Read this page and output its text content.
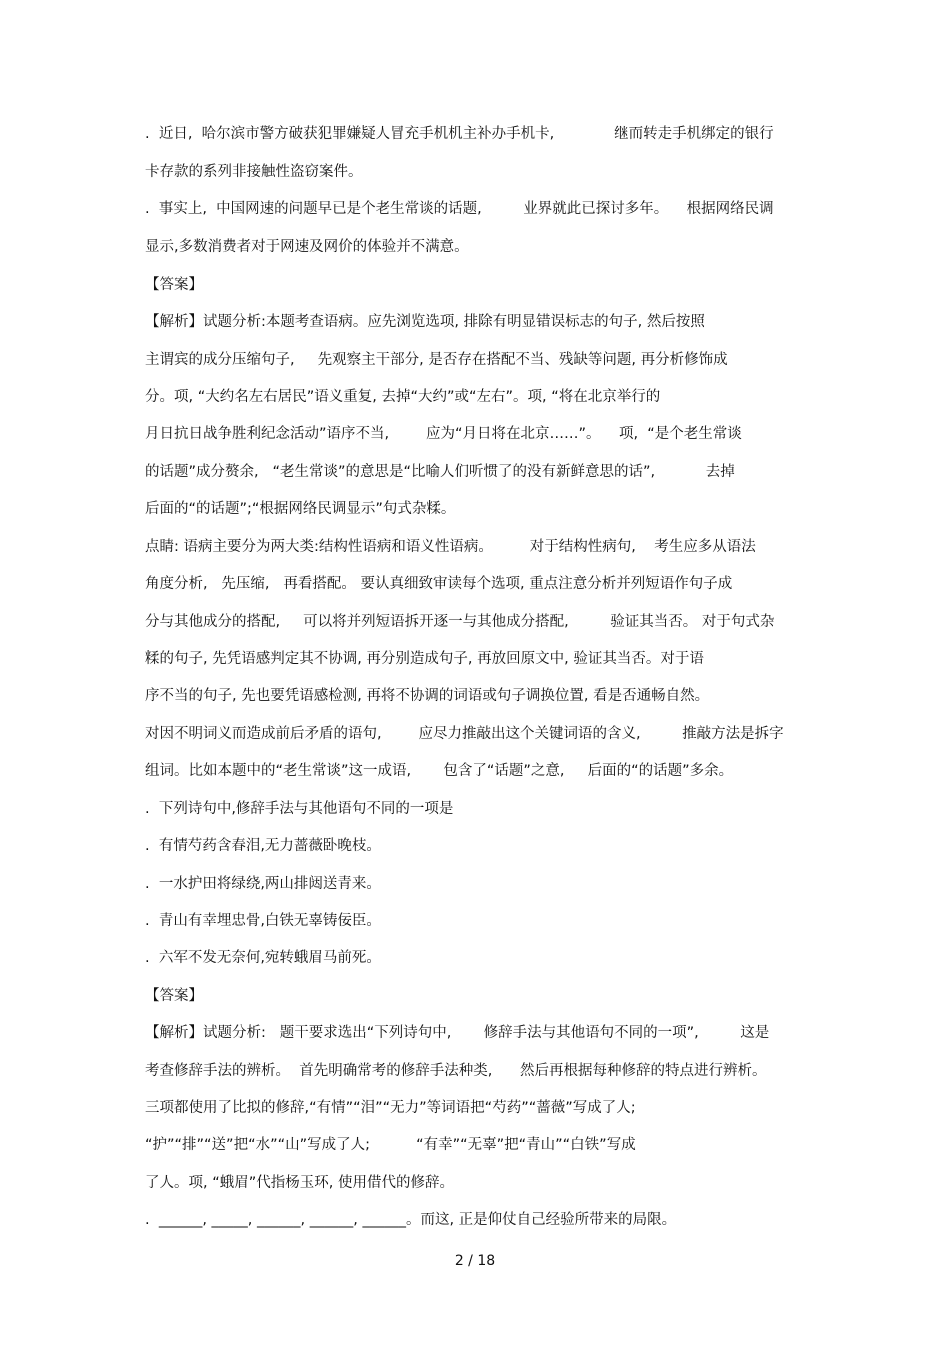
.  近日,  哈尔滨市警方破获犯罪嫌疑人冒充手机机主补办手机卡,             继而转走手机绑定的银行
卡存款的系列非接触性盗窃案件。
.  事实上,  中国网速的问题早已是个老生常谈的话题,         业界就此已探讨多年。    根据网络民调
显示,多数消费者对于网速及网价的体验并不满意。
【答案】
【解析】试题分析:本题考查语病。应先浏览选项, 排除有明显错误标志的句子, 然后按照
主谓宾的成分压缩句子,     先观察主干部分, 是否存在搭配不当、残缺等问题, 再分析修饰成
分。项, “大约名左右居民”语义重复, 去掉“大约”或“左右”。项, “将在北京举行的
月日抗日战争胜利纪念活动”语序不当,        应为“月日将在北京……”。    项,  “是个老生常谈
的话题”成分赘余,   “老生常谈”的意思是“比喻人们听惯了的没有新鲜意思的话”,           去掉
后面的“的话题”;“根据网络民调显示”句式杂糅。
点睛: 语病主要分为两大类:结构性语病和语义性语病。        对于结构性病句,    考生应多从语法
角度分析,   先压缩,   再看搭配。 要认真细致审读每个选项, 重点注意分析并列短语作句子成
分与其他成分的搭配,     可以将并列短语拆开逐一与其他成分搭配,         验证其当否。 对于句式杂
糅的句子, 先凭语感判定其不协调, 再分别造成句子, 再放回原文中, 验证其当否。对于语
序不当的句子, 先也要凭语感检测, 再将不协调的词语或句子调换位置, 看是否通畅自然。
对因不明词义而造成前后矛盾的语句,        应尽力推敲出这个关键词语的含义,         推敲方法是拆字
组词。比如本题中的“老生常谈”这一成语,       包含了“话题”之意,     后面的“的话题”多余。
.  下列诗句中,修辞手法与其他语句不同的一项是
.  有情芍药含春泪,无力蔷薇卧晚枝。
.  一水护田将绿绕,两山排闼送青来。
.  青山有幸埋忠骨,白铁无辜铸佞臣。
.  六军不发无奈何,宛转蛾眉马前死。
【答案】
【解析】试题分析:   题干要求选出“下列诗句中,       修辞手法与其他语句不同的一项”,         这是
考查修辞手法的辨析。  首先明确常考的修辞手法种类,      然后再根据每种修辞的特点进行辨析。
三项都使用了比拟的修辞,“有情”“泪”“无力”等词语把“芍药”“蔷薇”写成了人;
“护”“排”“送”把“水”“山”写成了人;          “有幸”“无辜”把“青山”“白铁”写成
了人。项, “蛾眉”代指杨玉环, 使用借代的修辞。
.  ______, _____, ______, ______, ______。而这, 正是仰仗自己经验所带来的局限。
2 / 18
